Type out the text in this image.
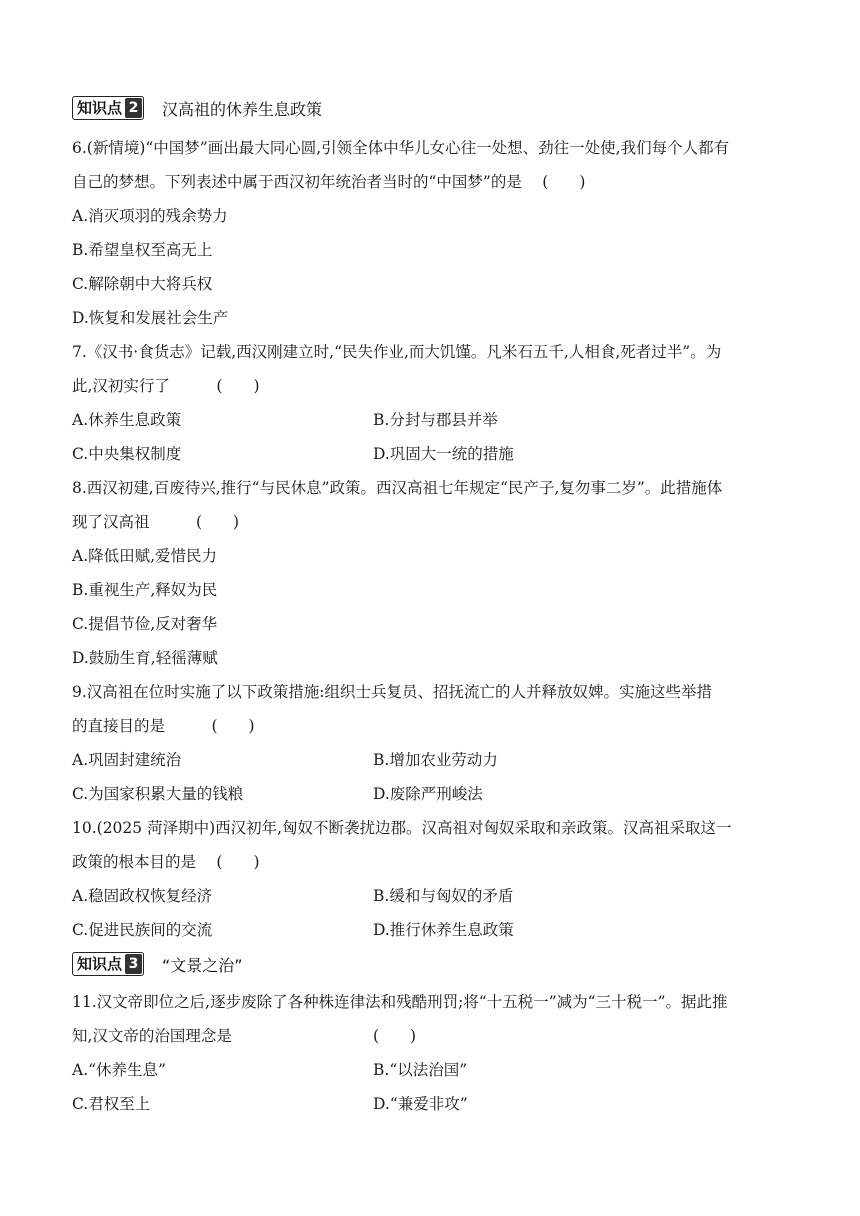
知识点 2 汉高祖的休养生息政策
6.(新情境)“中国梦”画出最大同心圆,引领全体中华儿女心往一处想、劲往一处使,我们每个人都有
自己的梦想。下列表述中属于西汉初年统治者当时的“中国梦”的是 　(　　)
A.消灭项羽的残余势力
B.希望皇权至高无上
C.解除朝中大将兵权
D.恢复和发展社会生产
7.《汉书·食货志》记载,西汉刚建立时,“民失作业,而大饥馑。凡米石五千,人相食,死者过半”。为
此,汉初实行了　　　(　　)
A.休养生息政策	B.分封与郡县并举
C.中央集权制度	D.巩固大一统的措施
8.西汉初建,百废待兴,推行“与民休息”政策。西汉高祖七年规定“民产子,复勿事二岁”。此措施体
现了汉高祖　　　(　　)
A.降低田赋,爱惜民力
B.重视生产,释奴为民
C.提倡节俭,反对奢华
D.鼓励生育,轻徭薄赋
9.汉高祖在位时实施了以下政策措施:组织士兵复员、招抚流亡的人并释放奴婢。实施这些举措
的直接目的是　　　(　　)
A.巩固封建统治	B.增加农业劳动力
C.为国家积累大量的钱粮	D.废除严刑峻法
10.(2025 菏泽期中)西汉初年,匈奴不断袭扰边郡。汉高祖对匈奴采取和亲政策。汉高祖采取这一
政策的根本目的是 　(　　)
A.稳固政权恢复经济	B.缓和与匈奴的矛盾
C.促进民族间的交流	D.推行休养生息政策
知识点 3 “文景之治”
11.汉文帝即位之后,逐步废除了各种株连律法和残酷刑罚;将“十五税一”减为“三十税一”。据此推
知,汉文帝的治国理念是	(　　)
A.“休养生息”	B.“以法治国”
C.君权至上	D.“兼爱非攻”
